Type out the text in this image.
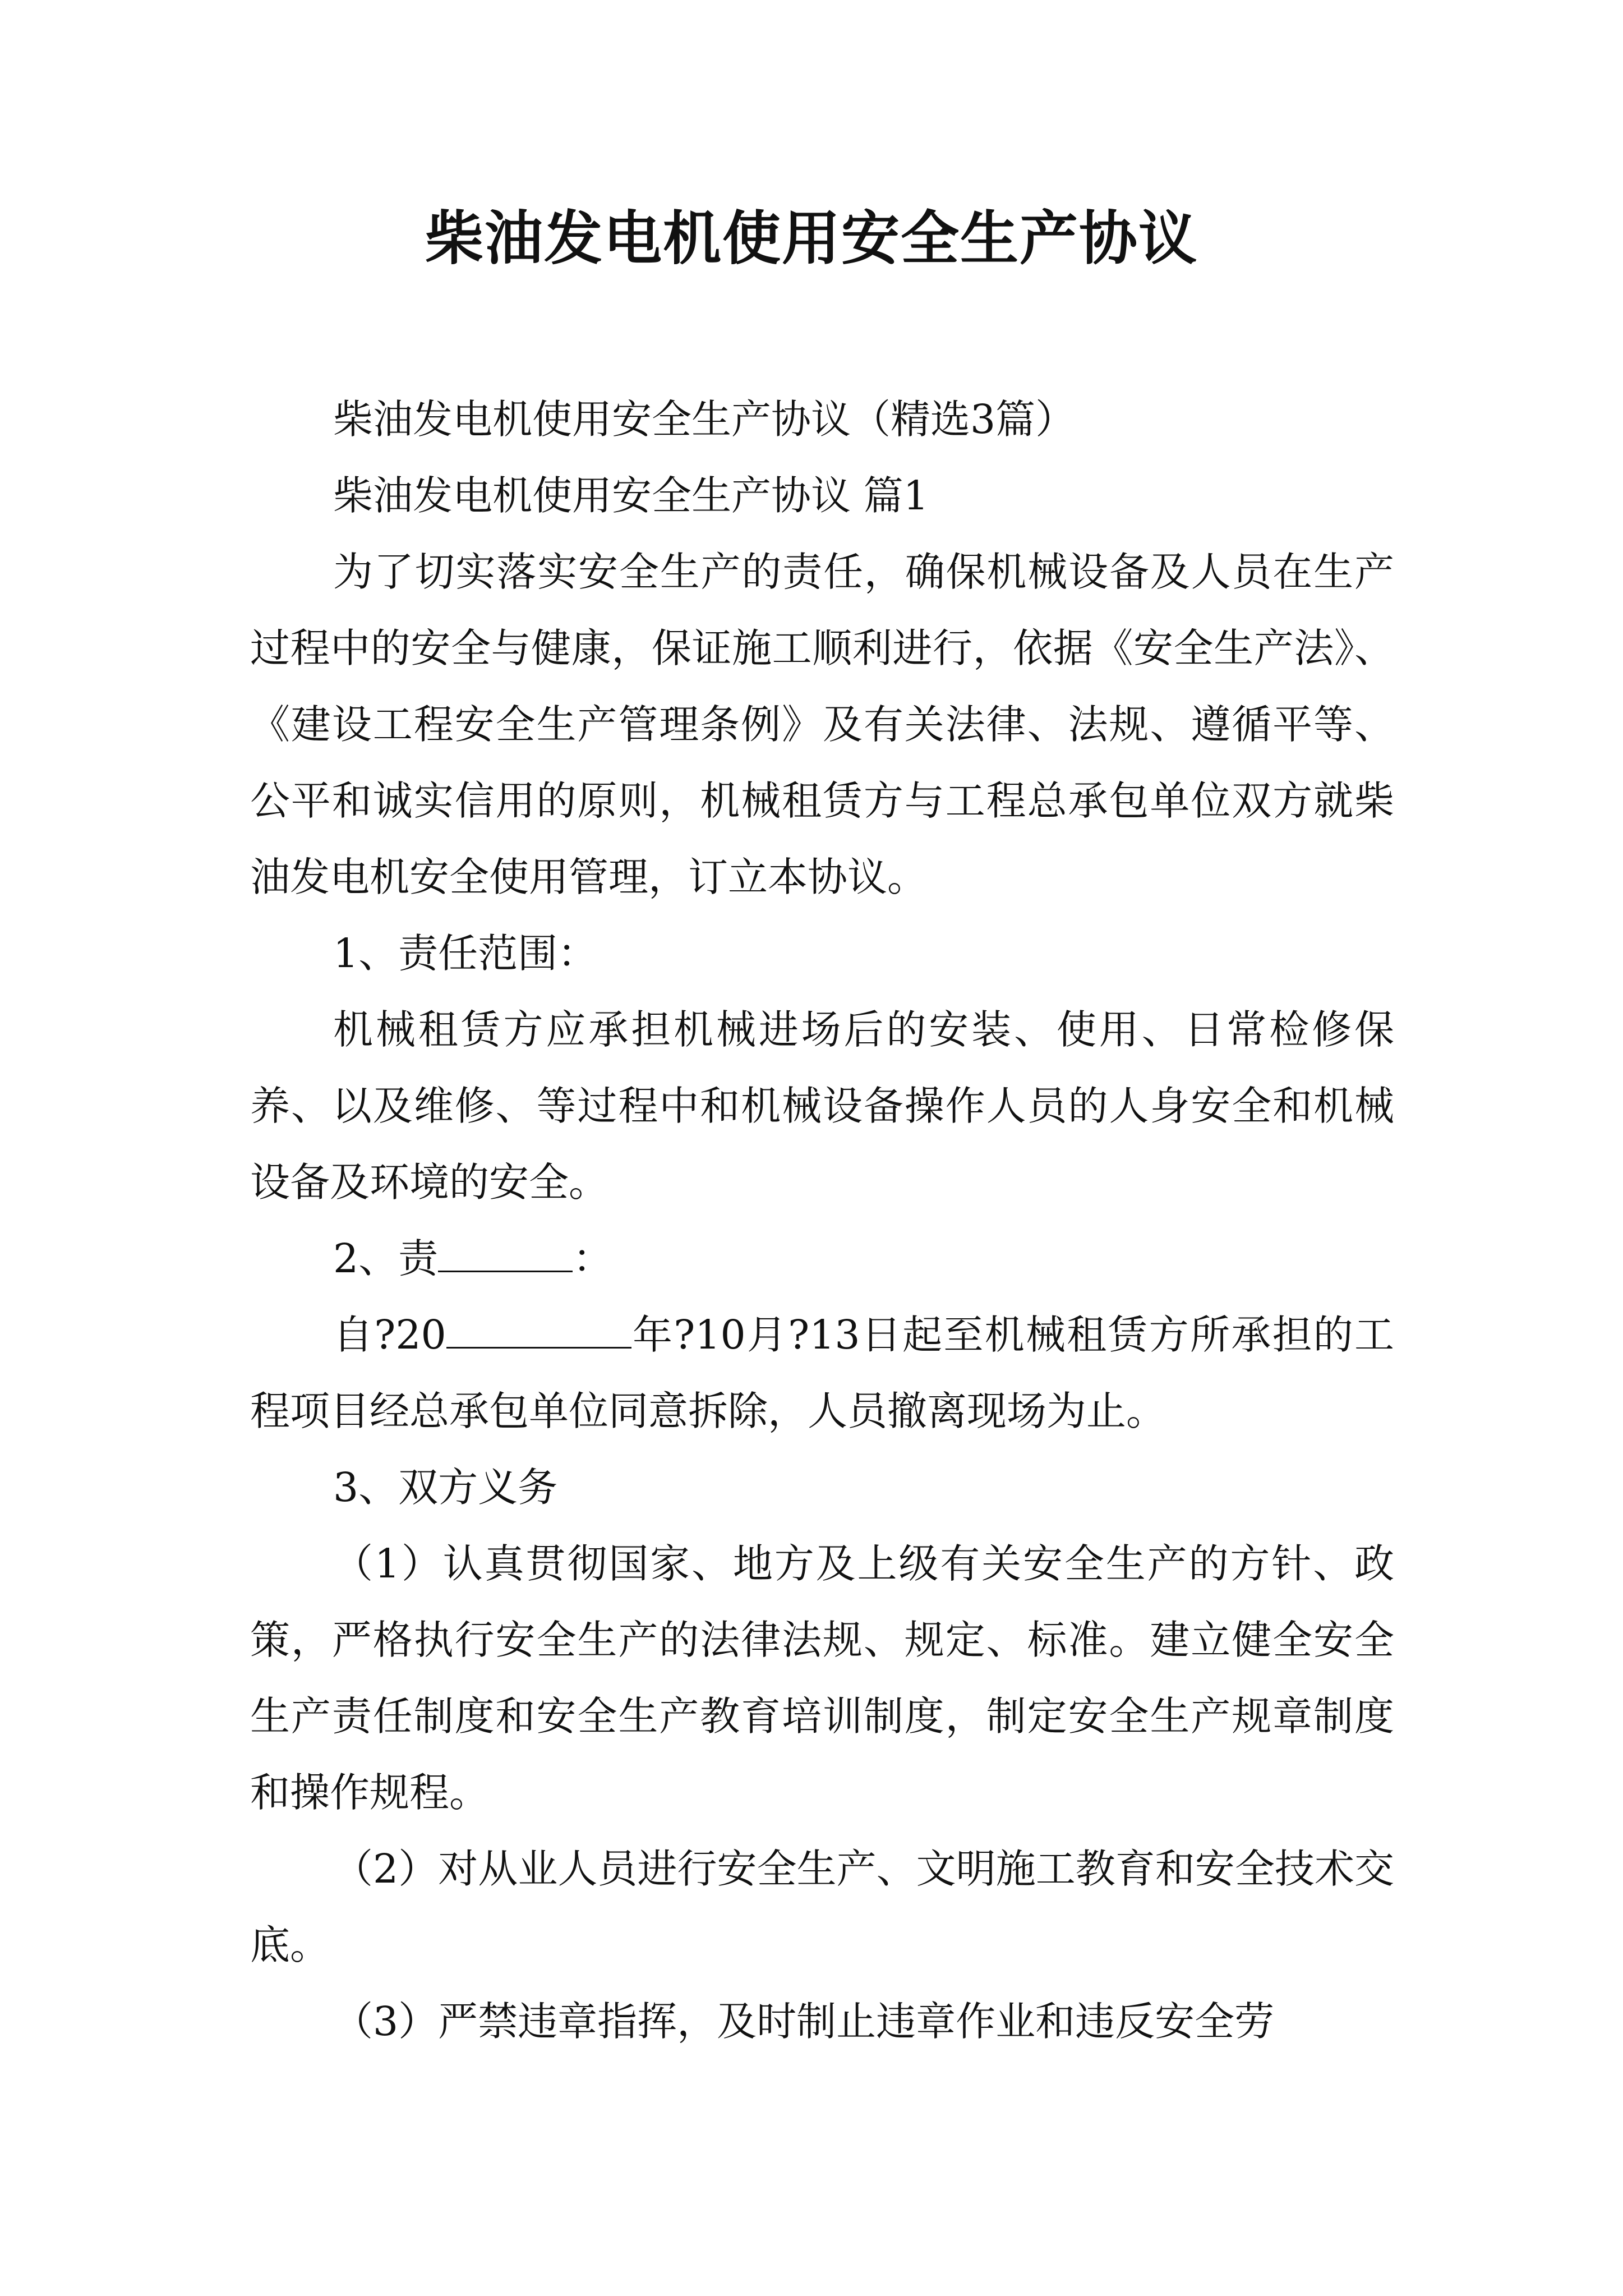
柴油发电机使用安全生产协议

柴油发电机使用安全生产协议（精选3篇）

柴油发电机使用安全生产协议 篇1

为了切实落实安全生产的责任，确保机械设备及人员在生产过程中的安全与健康，保证施工顺利进行，依据《安全生产法》、《建设工程安全生产管理条例》及有关法律、法规、遵循平等、公平和诚实信用的原则，机械租赁方与工程总承包单位双方就柴油发电机安全使用管理，订立本协议。

1、责任范围：

机械租赁方应承担机械进场后的安装、使用、日常检修保养、以及维修、等过程中和机械设备操作人员的人身安全和机械设备及环境的安全。

2、责	：

自?20	年?10月?13日起至机械租赁方所承担的工程项目经总承包单位同意拆除，人员撤离现场为止。

3、双方义务

（1）认真贯彻国家、地方及上级有关安全生产的方针、政策，严格执行安全生产的法律法规、规定、标准。建立健全安全生产责任制度和安全生产教育培训制度，制定安全生产规章制度和操作规程。

（2）对从业人员进行安全生产、文明施工教育和安全技术交底。

（3）严禁违章指挥，及时制止违章作业和违反安全劳
